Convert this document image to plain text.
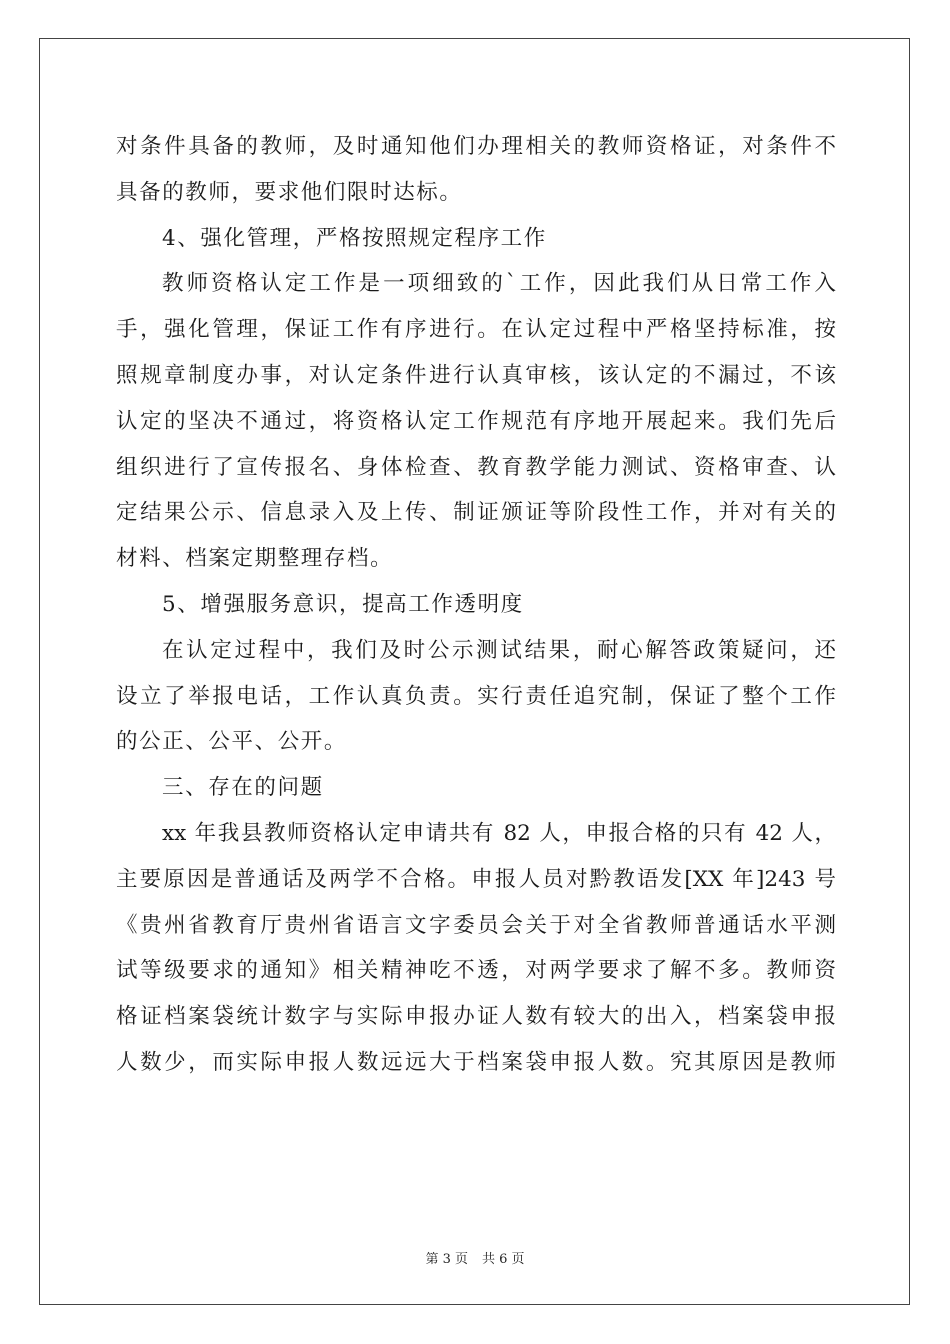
对条件具备的教师，及时通知他们办理相关的教师资格证，对条件不
具备的教师，要求他们限时达标。
4、强化管理，严格按照规定程序工作
教师资格认定工作是一项细致的`工作，因此我们从日常工作入
手，强化管理，保证工作有序进行。在认定过程中严格坚持标准，按
照规章制度办事，对认定条件进行认真审核，该认定的不漏过，不该
认定的坚决不通过，将资格认定工作规范有序地开展起来。我们先后
组织进行了宣传报名、身体检查、教育教学能力测试、资格审查、认
定结果公示、信息录入及上传、制证颁证等阶段性工作，并对有关的
材料、档案定期整理存档。
5、增强服务意识，提高工作透明度
在认定过程中，我们及时公示测试结果，耐心解答政策疑问，还
设立了举报电话，工作认真负责。实行责任追究制，保证了整个工作
的公正、公平、公开。
三、存在的问题
xx 年我县教师资格认定申请共有 82 人，申报合格的只有 42 人，
主要原因是普通话及两学不合格。申报人员对黔教语发[XX 年]243 号
《贵州省教育厅贵州省语言文字委员会关于对全省教师普通话水平测
试等级要求的通知》相关精神吃不透，对两学要求了解不多。教师资
格证档案袋统计数字与实际申报办证人数有较大的出入，档案袋申报
人数少，而实际申报人数远远大于档案袋申报人数。究其原因是教师
第 3 页 共 6 页
